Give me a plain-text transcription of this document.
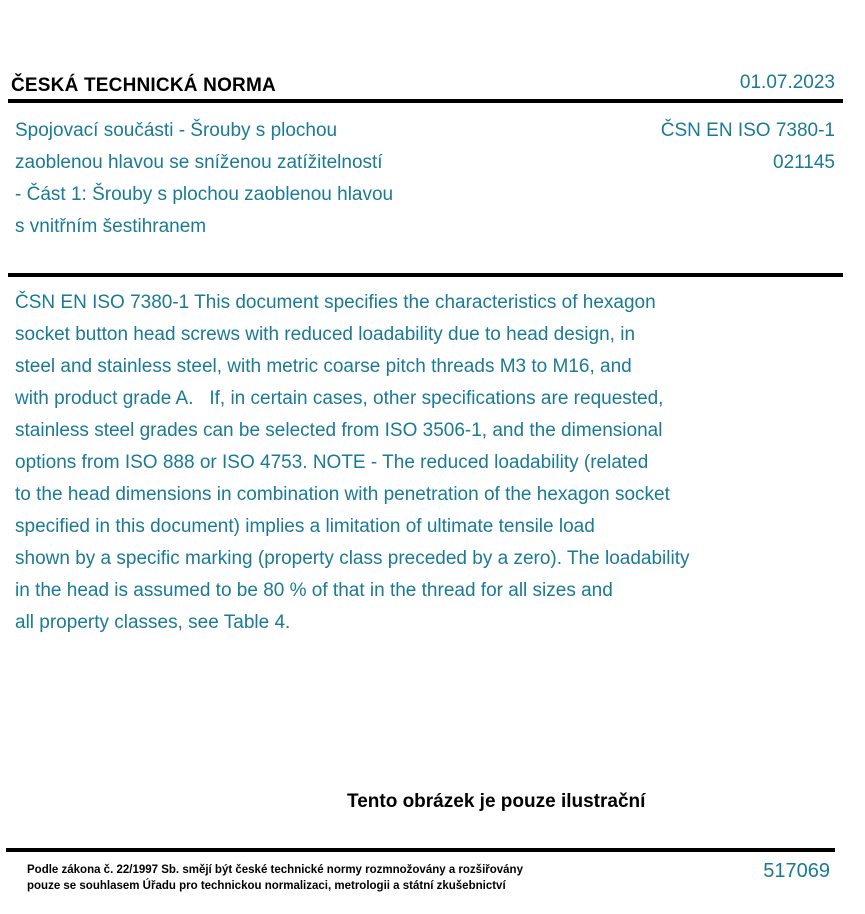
ČESKÁ TECHNICKÁ NORMA	01.07.2023
Spojovací součásti - Šrouby s plochou
zaoblenou hlavou se sníženou zatížitelností
- Část 1: Šrouby s plochou zaoblenou hlavou
s vnitřním šestihranem
ČSN EN ISO 7380-1
021145
ČSN EN ISO 7380-1 This document specifies the characteristics of hexagon
socket button head screws with reduced loadability due to head design, in
steel and stainless steel, with metric coarse pitch threads M3 to M16, and
with product grade A.   If, in certain cases, other specifications are requested,
stainless steel grades can be selected from ISO 3506-1, and the dimensional
options from ISO 888 or ISO 4753. NOTE - The reduced loadability (related
to the head dimensions in combination with penetration of the hexagon socket
specified in this document) implies a limitation of ultimate tensile load
shown by a specific marking (property class preceded by a zero). The loadability
in the head is assumed to be 80 % of that in the thread for all sizes and
all property classes, see Table 4.
Tento obrázek je pouze ilustrační
Podle zákona č. 22/1997 Sb. smějí být české technické normy rozmnožovány a rozšiřovány
pouze se souhlasem Úřadu pro technickou normalizaci, metrologii a státní zkušebnictví
517069
